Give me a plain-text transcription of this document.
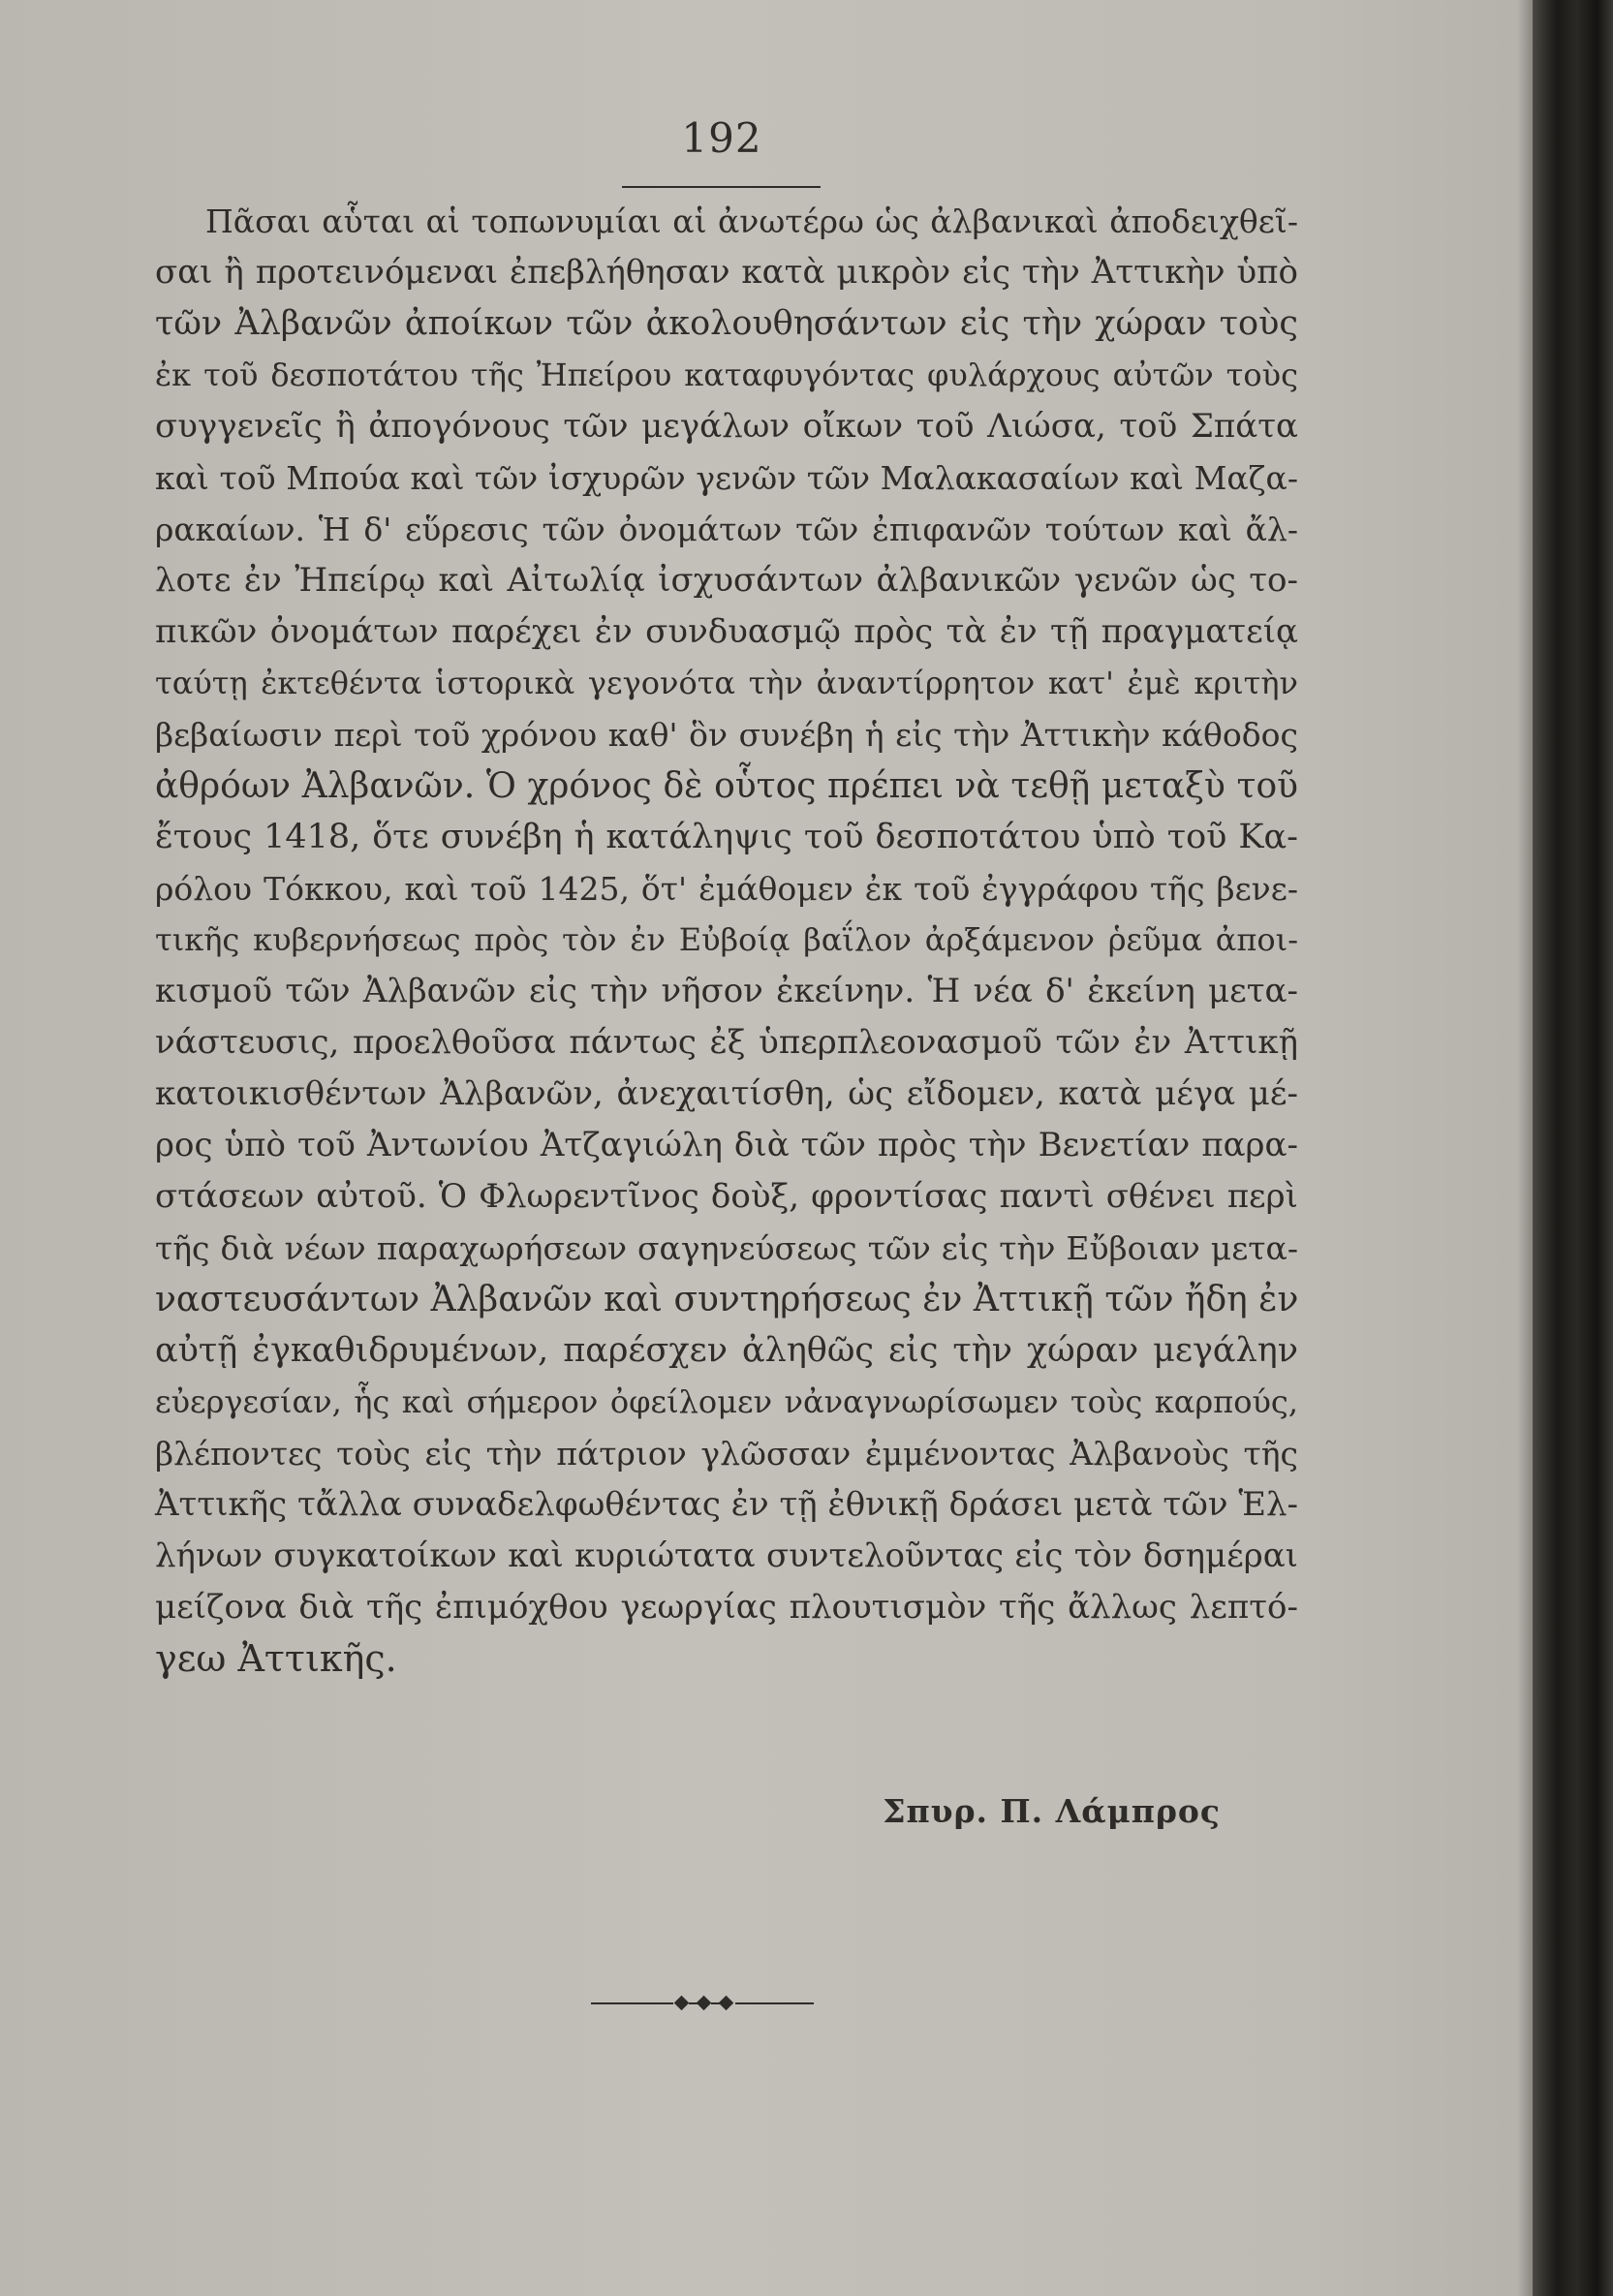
192
Πᾶσαι αὗται αἱ τοπωνυμίαι αἱ ἀνωτέρω ὡς ἀλβανικαὶ ἀποδειχθεῖ-
σαι ἢ προτεινόμεναι ἐπεβλήθησαν κατὰ μικρὸν εἰς τὴν Ἀττικὴν ὑπὸ
τῶν Ἀλβανῶν ἀποίκων τῶν ἀκολουθησάντων εἰς τὴν χώραν τοὺς
ἐκ τοῦ δεσποτάτου τῆς Ἠπείρου καταφυγόντας φυλάρχους αὐτῶν τοὺς
συγγενεῖς ἢ ἀπογόνους τῶν μεγάλων οἴκων τοῦ Λιώσα, τοῦ Σπάτα
καὶ τοῦ Μπούα καὶ τῶν ἰσχυρῶν γενῶν τῶν Μαλακασαίων καὶ Μαζα-
ρακαίων. Ἡ δ' εὕρεσις τῶν ὀνομάτων τῶν ἐπιφανῶν τούτων καὶ ἄλ-
λοτε ἐν Ἠπείρῳ καὶ Αἰτωλίᾳ ἰσχυσάντων ἀλβανικῶν γενῶν ὡς το-
πικῶν ὀνομάτων παρέχει ἐν συνδυασμῷ πρὸς τὰ ἐν τῇ πραγματείᾳ
ταύτῃ ἐκτεθέντα ἱστορικὰ γεγονότα τὴν ἀναντίρρητον κατ' ἐμὲ κριτὴν
βεβαίωσιν περὶ τοῦ χρόνου καθ' ὃν συνέβη ἡ εἰς τὴν Ἀττικὴν κάθοδος
ἀθρόων Ἀλβανῶν. Ὁ χρόνος δὲ οὗτος πρέπει νὰ τεθῇ μεταξὺ τοῦ
ἔτους 1418, ὅτε συνέβη ἡ κατάληψις τοῦ δεσποτάτου ὑπὸ τοῦ Κα-
ρόλου Τόκκου, καὶ τοῦ 1425, ὅτ' ἐμάθομεν ἐκ τοῦ ἐγγράφου τῆς βενε-
τικῆς κυβερνήσεως πρὸς τὸν ἐν Εὐβοίᾳ βαΐλον ἀρξάμενον ῥεῦμα ἀποι-
κισμοῦ τῶν Ἀλβανῶν εἰς τὴν νῆσον ἐκείνην. Ἡ νέα δ' ἐκείνη μετα-
νάστευσις, προελθοῦσα πάντως ἐξ ὑπερπλεονασμοῦ τῶν ἐν Ἀττικῇ
κατοικισθέντων Ἀλβανῶν, ἀνεχαιτίσθη, ὡς εἴδομεν, κατὰ μέγα μέ-
ρος ὑπὸ τοῦ Ἀντωνίου Ἀτζαγιώλη διὰ τῶν πρὸς τὴν Βενετίαν παρα-
στάσεων αὐτοῦ. Ὁ Φλωρεντῖνος δοὺξ, φροντίσας παντὶ σθένει περὶ
τῆς διὰ νέων παραχωρήσεων σαγηνεύσεως τῶν εἰς τὴν Εὔβοιαν μετα-
ναστευσάντων Ἀλβανῶν καὶ συντηρήσεως ἐν Ἀττικῇ τῶν ἤδη ἐν
αὐτῇ ἐγκαθιδρυμένων, παρέσχεν ἀληθῶς εἰς τὴν χώραν μεγάλην
εὐεργεσίαν, ἧς καὶ σήμερον ὀφείλομεν νἀναγνωρίσωμεν τοὺς καρπούς,
βλέποντες τοὺς εἰς τὴν πάτριον γλῶσσαν ἐμμένοντας Ἀλβανοὺς τῆς
Ἀττικῆς τἄλλα συναδελφωθέντας ἐν τῇ ἐθνικῇ δράσει μετὰ τῶν Ἑλ-
λήνων συγκατοίκων καὶ κυριώτατα συντελοῦντας εἰς τὸν δσημέραι
μείζονα διὰ τῆς ἐπιμόχθου γεωργίας πλουτισμὸν τῆς ἄλλως λεπτό-
γεω Ἀττικῆς.
Σπυρ. Π. Λάμπρος
